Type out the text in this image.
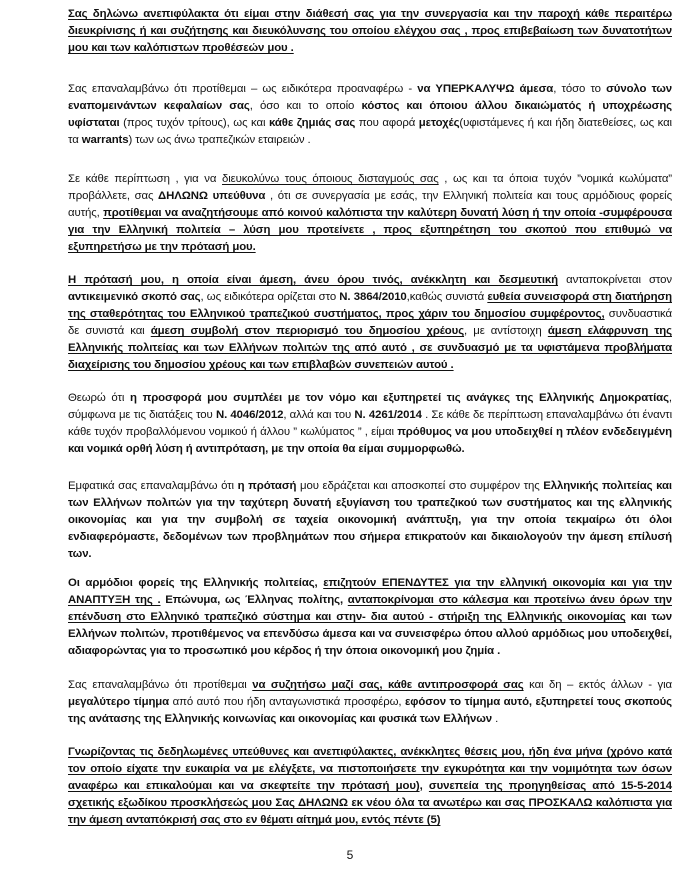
Σας δηλώνω ανεπιφύλακτα ότι είμαι στην διάθεσή σας για την συνεργασία και την παροχή κάθε περαιτέρω διευκρίνισης ή και συζήτησης και διευκόλυνσης του οποίου ελέγχου σας , προς επιβεβαίωση των δυνατοτήτων μου και των καλόπιστων προθέσεών μου .
Σας επαναλαμβάνω ότι προτίθεμαι – ως ειδικότερα προαναφέρω - να ΥΠΕΡΚΑΛΥΨΩ άμεσα, τόσο το σύνολο των εναπομεινάντων κεφαλαίων σας, όσο και το οποίο κόστος και όποιου άλλου δικαιώματός ή υποχρέωσης υφίσταται (προς τυχόν τρίτους), ως και κάθε ζημιάς σας που αφορά μετοχές(υφιστάμενες ή και ήδη διατεθείσες, ως και τα warrants) των ως άνω τραπεζικών εταιρειών .
Σε κάθε περίπτωση , για να διευκολύνω τους όποιους δισταγμούς σας , ως και τα όποια τυχόν ”νομικά κωλύματα” προβάλλετε, σας ΔΗΛΩΝΩ υπεύθυνα , ότι σε συνεργασία με εσάς, την Ελληνική πολιτεία και τους αρμόδιους φορείς αυτής, προτίθεμαι να αναζητήσουμε από κοινού καλόπιστα την καλύτερη δυνατή λύση ή την οποία -συμφέρουσα για την Ελληνική πολιτεία – λύση μου προτείνετε , προς εξυπηρέτηση του σκοπού που επιθυμώ να εξυπηρετήσω με την πρότασή μου.
Η πρότασή μου, η οποία είναι άμεση, άνευ όρου τινός, ανέκκλητη και δεσμευτική ανταποκρίνεται στον αντικειμενικό σκοπό σας, ως ειδικότερα ορίζεται στο Ν. 3864/2010,καθώς συνιστά ευθεία συνεισφορά στη διατήρηση της σταθερότητας του Ελληνικού τραπεζικού συστήματος, προς χάριν του δημοσίου συμφέροντος, συνδυαστικά δε συνιστά και άμεση συμβολή στον περιορισμό του δημοσίου χρέους, με αντίστοιχη άμεση ελάφρυνση της Ελληνικής πολιτείας και των Ελλήνων πολιτών της από αυτό , σε συνδυασμό με τα υφιστάμενα προβλήματα διαχείρισης του δημοσίου χρέους και των επιβλαβών συνεπειών αυτού .
Θεωρώ ότι η προσφορά μου συμπλέει με τον νόμο και εξυπηρετεί τις ανάγκες της Ελληνικής Δημοκρατίας, σύμφωνα με τις διατάξεις του Ν. 4046/2012, αλλά και του Ν. 4261/2014 . Σε κάθε δε περίπτωση επαναλαμβάνω ότι έναντι κάθε τυχόν προβαλλόμενου νομικού ή άλλου ” κωλύματος ” , είμαι πρόθυμος να μου υποδειχθεί η πλέον ενδεδειγμένη και νομικά ορθή λύση ή αντιπρόταση, με την οποία θα είμαι συμμορφωθώ.
Εμφατικά σας επαναλαμβάνω ότι η πρότασή μου εδράζεται και αποσκοπεί στο συμφέρον της Ελληνικής πολιτείας και των Ελλήνων πολιτών για την ταχύτερη δυνατή εξυγίανση του τραπεζικού των συστήματος και της ελληνικής οικονομίας και για την συμβολή σε ταχεία οικονομική ανάπτυξη, για την οποία τεκμαίρω ότι όλοι ενδιαφερόμαστε, δεδομένων των προβλημάτων που σήμερα επικρατούν και δικαιολογούν την άμεση επίλυσή των.
Οι αρμόδιοι φορείς της Ελληνικής πολιτείας, επιζητούν ΕΠΕΝΔΥΤΕΣ για την ελληνική οικονομία και για την ΑΝΑΠΤΥΞΗ της . Επώνυμα, ως Έλληνας πολίτης, ανταποκρίνομαι στο κάλεσμα και προτείνω άνευ όρων την επένδυση στο Ελληνικό τραπεζικό σύστημα και στην- δια αυτού - στήριξη της Ελληνικής οικονομίας και των Ελλήνων πολιτών, προτιθέμενος να επενδύσω άμεσα και να συνεισφέρω όπου αλλού αρμόδιως μου υποδειχθεί, αδιαφορώντας για το προσωπικό μου κέρδος ή την όποια οικονομική μου ζημία .
Σας επαναλαμβάνω ότι προτίθεμαι να συζητήσω μαζί σας, κάθε αντιπροσφορά σας και δη – εκτός άλλων - για μεγαλύτερο τίμημα από αυτό που ήδη ανταγωνιστικά προσφέρω, εφόσον το τίμημα αυτό, εξυπηρετεί τους σκοπούς της ανάτασης της Ελληνικής κοινωνίας και οικονομίας και φυσικά των Ελλήνων .
Γνωρίζοντας τις δεδηλωμένες υπεύθυνες και ανεπιφύλακτες, ανέκκλητες θέσεις μου, ήδη ένα μήνα (χρόνο κατά τον οποίο είχατε την ευκαιρία να με ελέγξετε, να πιστοποιήσετε την εγκυρότητα και την νομιμότητα των όσων αναφέρω και επικαλούμαι και να σκεφτείτε την πρότασή μου), συνεπεία της προηγηθείσας από 15-5-2014 σχετικής εξωδίκου προσκλήσεώς μου Σας ΔΗΛΩΝΩ εκ νέου όλα τα ανωτέρω και σας ΠΡΟΣΚΑΛΩ καλόπιστα για την άμεση ανταπόκρισή σας στο εν θέματι αίτημά μου, εντός πέντε (5)
5
